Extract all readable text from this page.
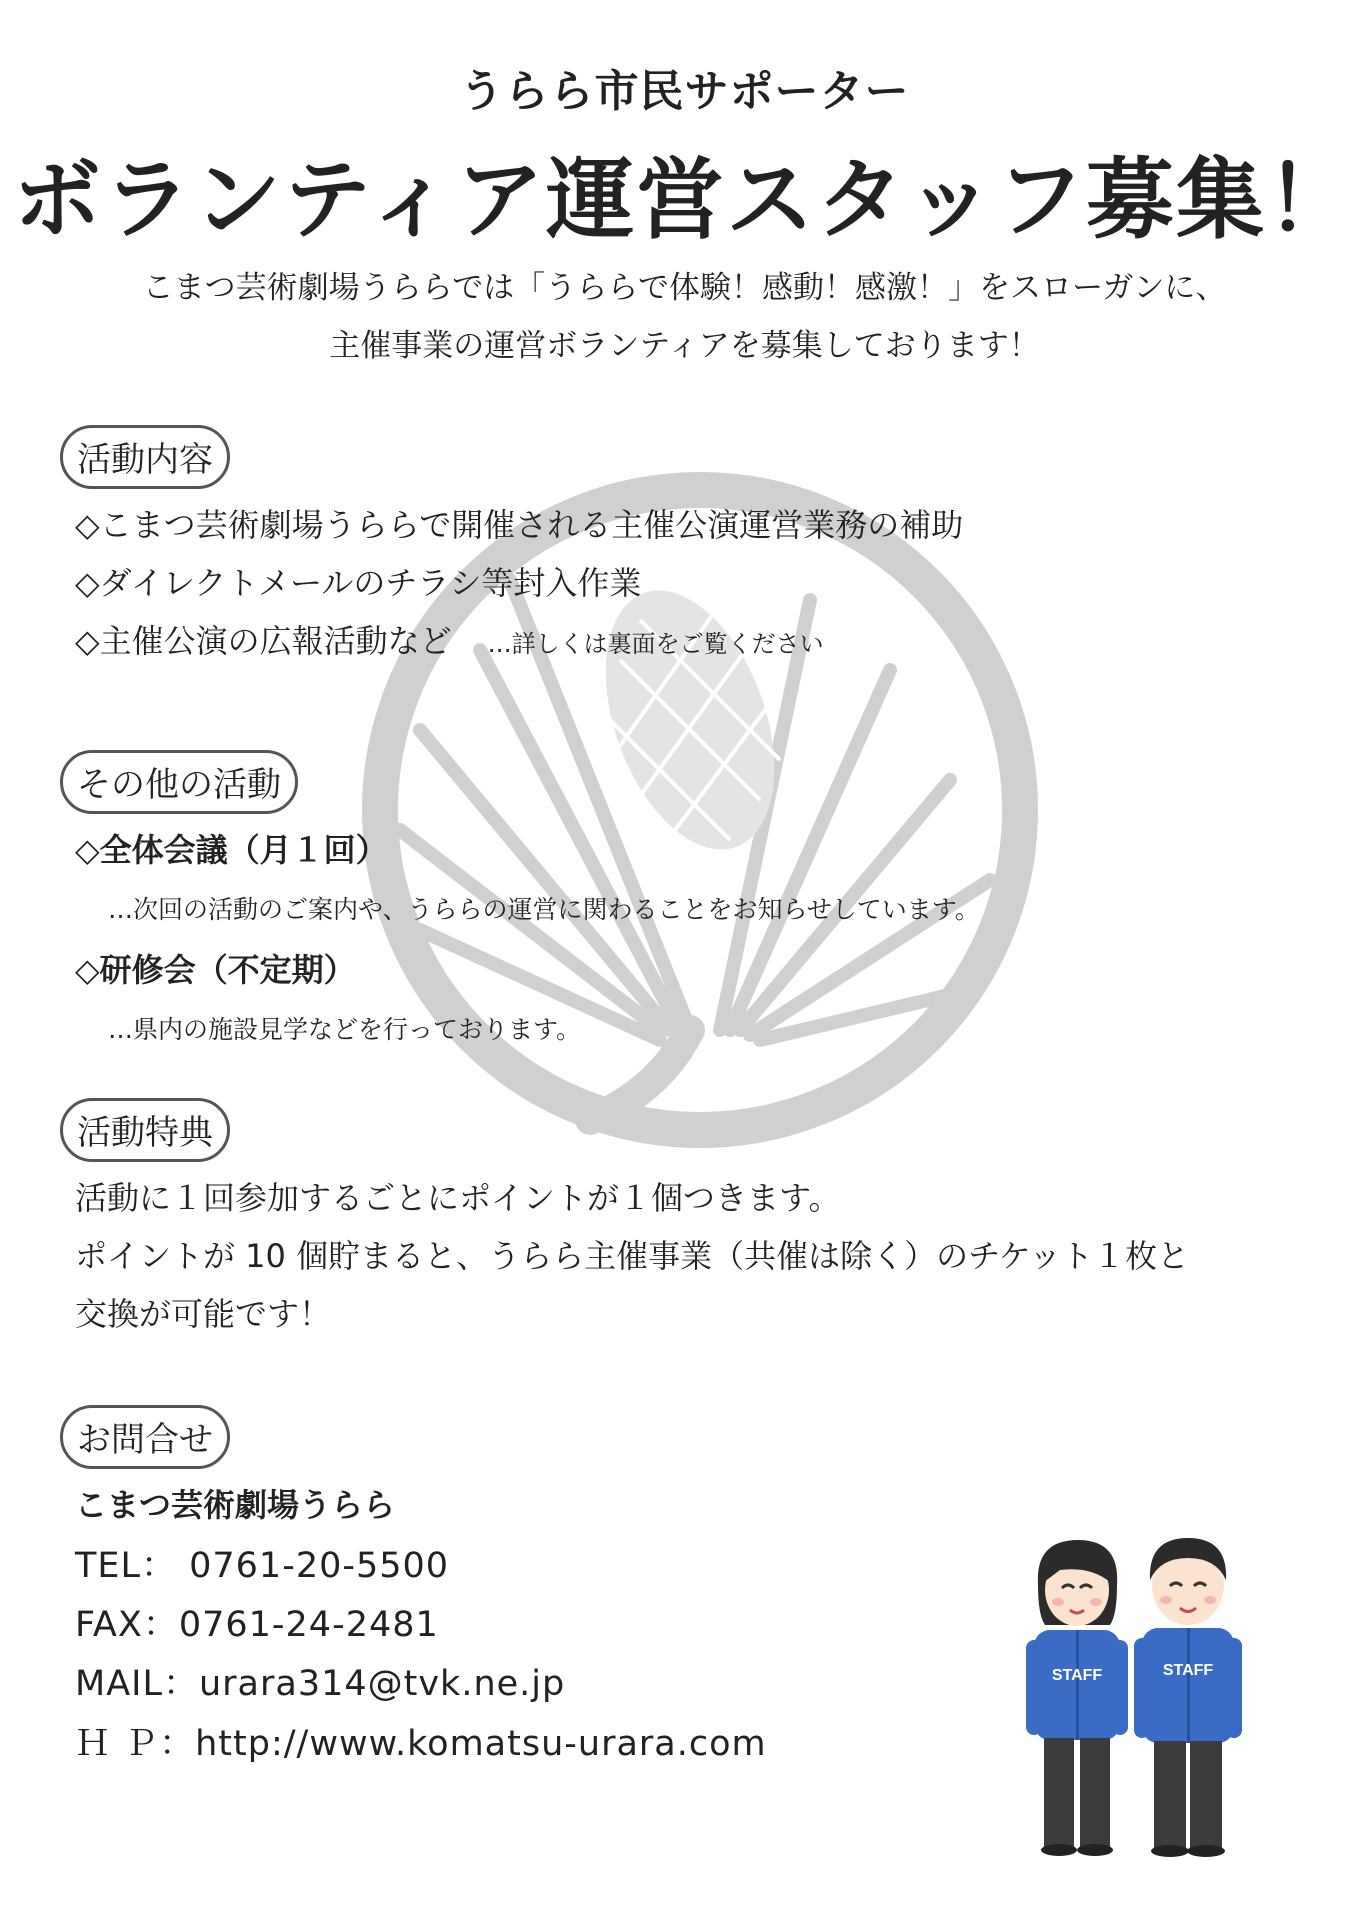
うらら市民サポーター
ボランティア運営スタッフ募集！
こまつ芸術劇場うららでは「うららで体験！感動！感激！」をスローガンに、
主催事業の運営ボランティアを募集しております！
活動内容
◇こまつ芸術劇場うららで開催される主催公演運営業務の補助
◇ダイレクトメールのチラシ等封入作業
◇主催公演の広報活動など …詳しくは裏面をご覧ください
その他の活動
◇全体会議（月１回）
…次回の活動のご案内や、うららの運営に関わることをお知らせしています。
◇研修会（不定期）
…県内の施設見学などを行っております。
活動特典
活動に１回参加するごとにポイントが１個つきます。
ポイントが 10 個貯まると、うらら主催事業（共催は除く）のチケット１枚と
交換が可能です！
お問合せ
こまつ芸術劇場うらら
TEL： 0761-20-5500
FAX：0761-24-2481
MAIL：urara314@tvk.ne.jp
Ｈ Ｐ：http://www.komatsu-urara.com
STAFF	STAFF
